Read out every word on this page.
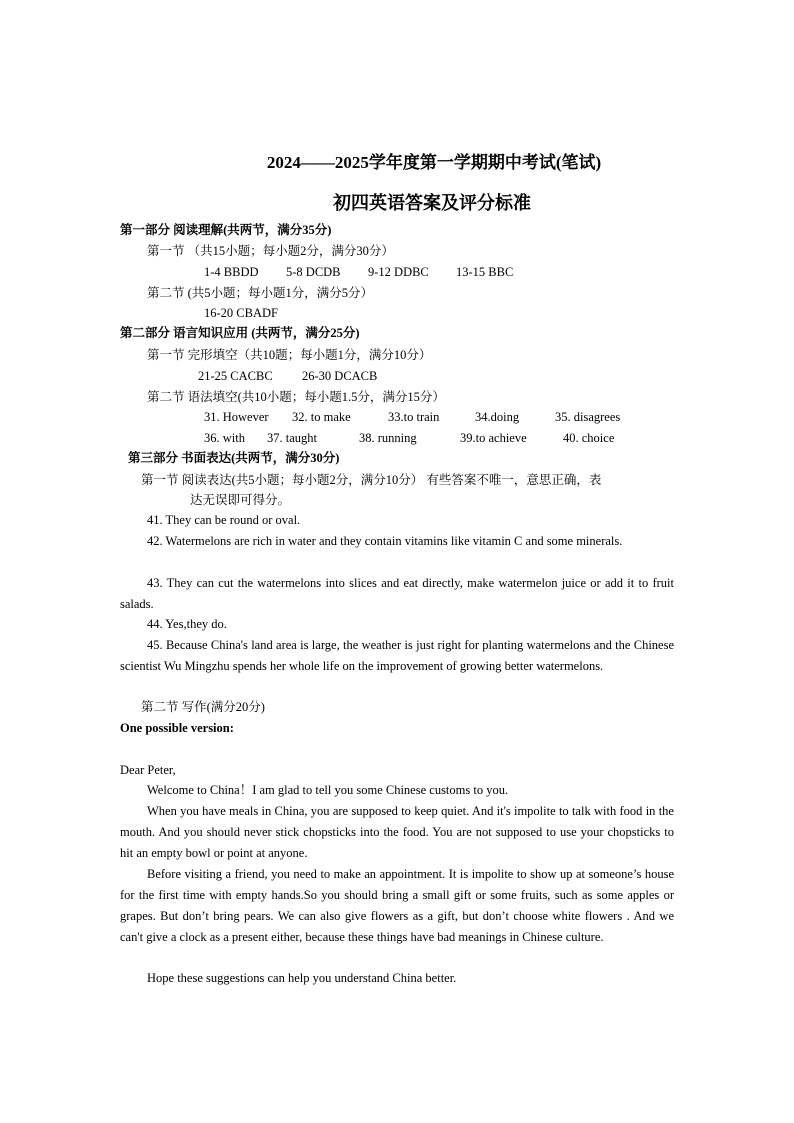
2024——2025学年度第一学期期中考试(笔试)
初四英语答案及评分标准
第一部分 阅读理解(共两节，满分35分)
第一节 （共15小题；每小题2分，满分30分）
1-4 BBDD 5-8 DCDB 9-12 DDBC 13-15 BBC
第二节 (共5小题；每小题1分，满分5分）
16-20 CBADF
第二部分 语言知识应用 (共两节，满分25分)
第一节 完形填空（共10题；每小题1分，满分10分）
21-25 CACBC 26-30 DCACB
第二节 语法填空(共10小题；每小题1.5分，满分15分）
31. However 32. to make	33.to train	34.doing	35. disagrees
36. with 37. taught	38. running	39.to achieve	40. choice
第三部分 书面表达(共两节，满分30分)
第一节 阅读表达(共5小题；每小题2分，满分10分） 有些答案不唯一，意思正确，表
达无误即可得分。
41. They can be round or oval.
42. Watermelons are rich in water and they contain vitamins like vitamin C and some minerals.
43. They can cut the watermelons into slices and eat directly, make watermelon juice or add it to fruit salads.
44. Yes,they do.
45. Because China's land area is large, the weather is just right for planting watermelons and the Chinese scientist Wu Mingzhu spends her whole life on the improvement of growing better watermelons.
第二节 写作(满分20分)
One possible version:
Dear Peter,
Welcome to China！I am glad to tell you some Chinese customs to you.
When you have meals in China, you are supposed to keep quiet. And it's impolite to talk with food in the mouth. And you should never stick chopsticks into the food. You are not supposed to use your chopsticks to hit an empty bowl or point at anyone.
Before visiting a friend, you need to make an appointment. It is impolite to show up at someone’s house for the first time with empty hands.So you should bring a small gift or some fruits, such as some apples or grapes. But don’t bring pears. We can also give flowers as a gift, but don’t choose white flowers . And we can't give a clock as a present either, because these things have bad meanings in Chinese culture.
Hope these suggestions can help you understand China better.
